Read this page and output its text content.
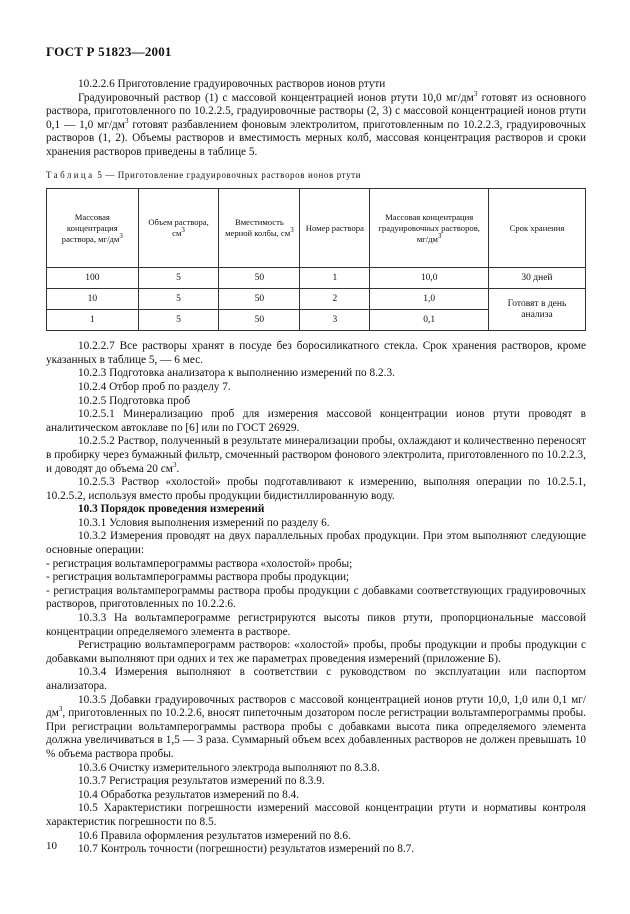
ГОСТ Р 51823—2001

10.2.2.6 Приготовление градуировочных растворов ионов ртути

Градуировочный раствор (1) с массовой концентрацией ионов ртути 10,0 $мг/дм^3$ готовят из основного раствора, приготовленного по 10.2.2.5, градуировочные растворы (2, 3) с массовой концентрацией ионов ртути 0,1 — 1,0 $мг/дм^3$ готовят разбавлением фоновым электролитом, приготовленным по 10.2.2.3, градуировочных растворов (1, 2). Объемы растворов и вместимость мерных колб, массовая концентрация растворов и сроки хранения растворов приведены в таблице 5.

Таблица 5 — Приготовление градуировочных растворов ионов ртути

Массовая концентрация раствора, $мг/дм^3$	Объем раствора, $см^3$	Вместимость мерной колбы, $см^3$	Номер раствора	Массовая концентрация градуировочных растворов, $мг/дм^3$	Срок хранения
100	5	50	1	10,0	30 дней
10	5	50	2	1,0	Готовят в день анализа
1	5	50	3	0,1	

10.2.2.7 Все растворы хранят в посуде без боросиликатного стекла. Срок хранения растворов, кроме указанных в таблице 5, — 6 мес.

10.2.3 Подготовка анализатора к выполнению измерений по 8.2.3.

10.2.4 Отбор проб по разделу 7.

10.2.5 Подготовка проб

10.2.5.1 Минерализацию проб для измерения массовой концентрации ионов ртути проводят в аналитическом автоклаве по [6] или по ГОСТ 26929.

10.2.5.2 Раствор, полученный в результате минерализации пробы, охлаждают и количественно переносят в пробирку через бумажный фильтр, смоченный раствором фонового электролита, приготовленного по 10.2.2.3, и доводят до объема 20 $см^3$.

10.2.5.3 Раствор «холостой» пробы подготавливают к измерению, выполняя операции по 10.2.5.1, 10.2.5.2, используя вместо пробы продукции бидистиллированную воду.

10.3 Порядок проведения измерений

10.3.1 Условия выполнения измерений по разделу 6.

10.3.2 Измерения проводят на двух параллельных пробах продукции. При этом выполняют следующие основные операции:

- регистрация вольтамперограммы раствора «холостой» пробы;

- регистрация вольтамперограммы раствора пробы продукции;

- регистрация вольтамперограммы раствора пробы продукции с добавками соответствующих градуировочных растворов, приготовленных по 10.2.2.6.

10.3.3 На вольтамперограмме регистрируются высоты пиков ртути, пропорциональные массовой концентрации определяемого элемента в растворе.

Регистрацию вольтамперограмм растворов: «холостой» пробы, пробы продукции и пробы продукции с добавками выполняют при одних и тех же параметрах проведения измерений (приложение Б).

10.3.4 Измерения выполняют в соответствии с руководством по эксплуатации или паспортом анализатора.

10.3.5 Добавки градуировочных растворов с массовой концентрацией ионов ртути 10,0, 1,0 или 0,1 $мг/дм^3$, приготовленных по 10.2.2.6, вносят пипеточным дозатором после регистрации вольтамперограммы пробы. При регистрации вольтамперограммы раствора пробы с добавками высота пика определяемого элемента должна увеличиваться в 1,5 — 3 раза. Суммарный объем всех добавленных растворов не должен превышать 10 % объема раствора пробы.

10.3.6 Очистку измерительного электрода выполняют по 8.3.8.

10.3.7 Регистрация результатов измерений по 8.3.9.

10.4 Обработка результатов измерений по 8.4.

10.5 Характеристики погрешности измерений массовой концентрации ртути и нормативы контроля характеристик погрешности по 8.5.

10.6 Правила оформления результатов измерений по 8.6.

10.7 Контроль точности (погрешности) результатов измерений по 8.7.

10
